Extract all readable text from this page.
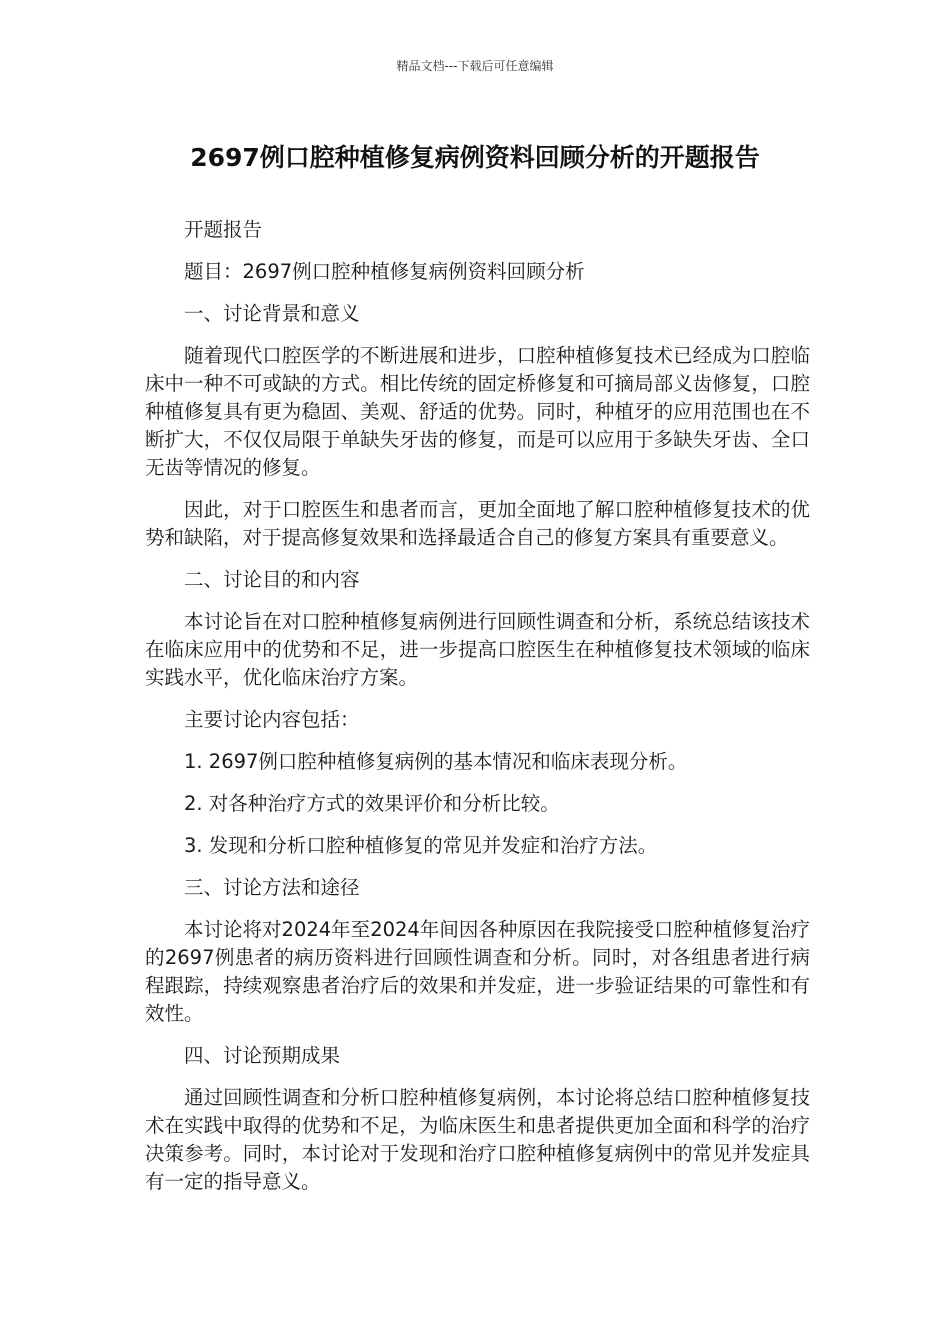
精品文档---下载后可任意编辑
2697例口腔种植修复病例资料回顾分析的开题报告

开题报告

题目：2697例口腔种植修复病例资料回顾分析

一、讨论背景和意义

随着现代口腔医学的不断进展和进步，口腔种植修复技术已经成为口腔临床中一种不可或缺的方式。相比传统的固定桥修复和可摘局部义齿修复，口腔种植修复具有更为稳固、美观、舒适的优势。同时，种植牙的应用范围也在不断扩大，不仅仅局限于单缺失牙齿的修复，而是可以应用于多缺失牙齿、全口无齿等情况的修复。

因此，对于口腔医生和患者而言，更加全面地了解口腔种植修复技术的优势和缺陷，对于提高修复效果和选择最适合自己的修复方案具有重要意义。

二、讨论目的和内容

本讨论旨在对口腔种植修复病例进行回顾性调查和分析，系统总结该技术在临床应用中的优势和不足，进一步提高口腔医生在种植修复技术领域的临床实践水平，优化临床治疗方案。

主要讨论内容包括：

1. 2697例口腔种植修复病例的基本情况和临床表现分析。

2. 对各种治疗方式的效果评价和分析比较。

3. 发现和分析口腔种植修复的常见并发症和治疗方法。

三、讨论方法和途径

本讨论将对2024年至2024年间因各种原因在我院接受口腔种植修复治疗的2697例患者的病历资料进行回顾性调查和分析。同时，对各组患者进行病程跟踪，持续观察患者治疗后的效果和并发症，进一步验证结果的可靠性和有效性。

四、讨论预期成果

通过回顾性调查和分析口腔种植修复病例，本讨论将总结口腔种植修复技术在实践中取得的优势和不足，为临床医生和患者提供更加全面和科学的治疗决策参考。同时，本讨论对于发现和治疗口腔种植修复病例中的常见并发症具有一定的指导意义。
